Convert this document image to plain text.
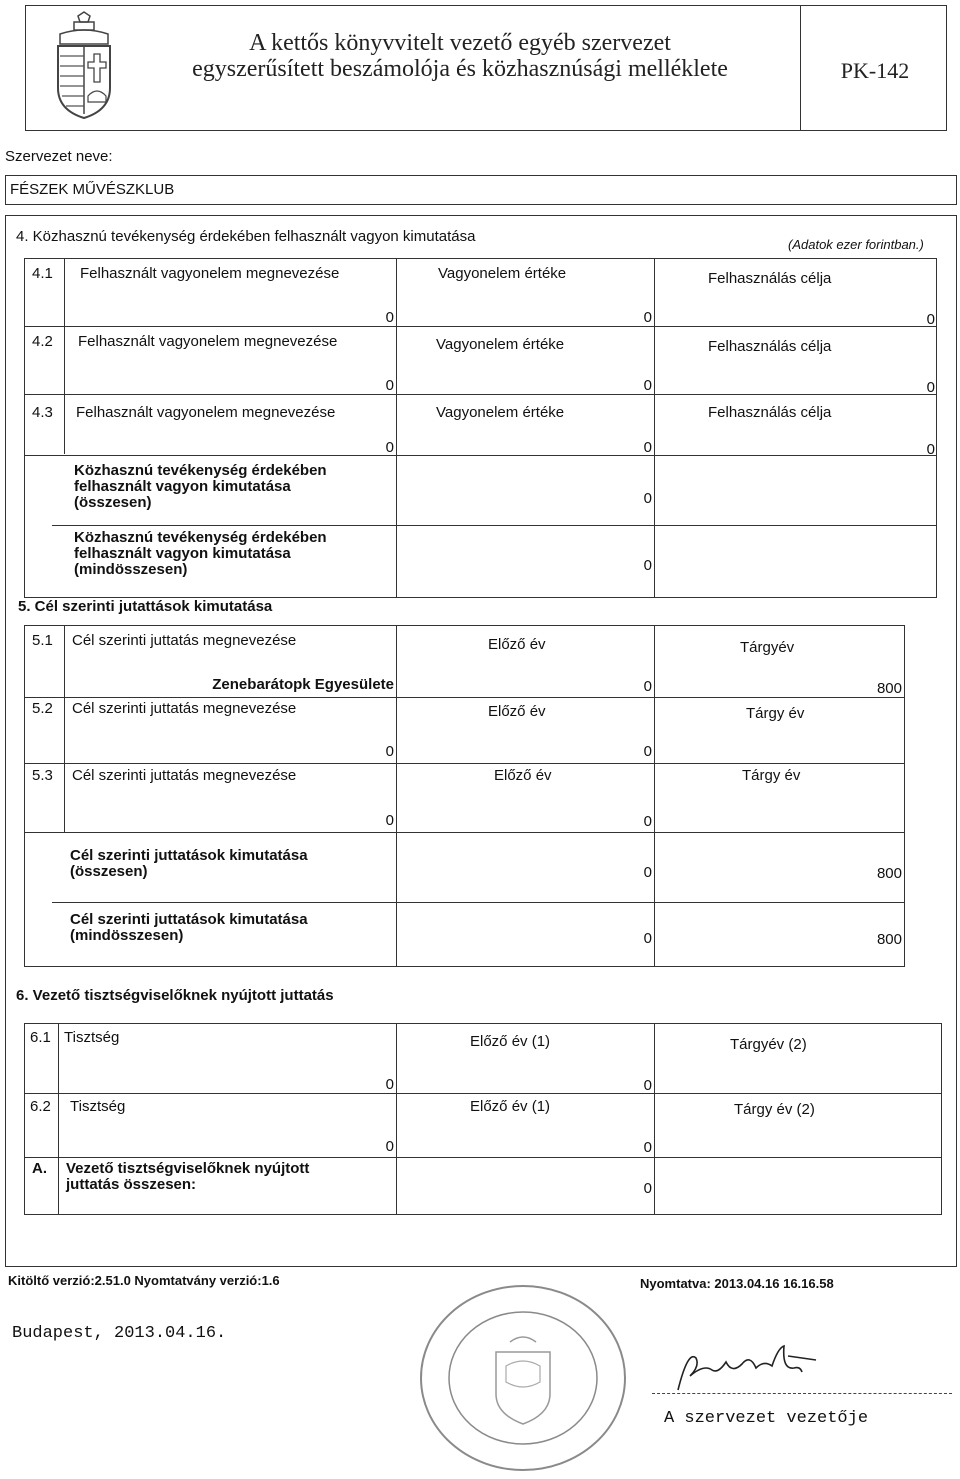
A kettős könyvvitelt vezető egyéb szervezet
egyszerűsített beszámolója és közhasznúsági melléklete	PK-142
Szervezet neve:
FÉSZEK MŰVÉSZKLUB
4. Közhasznú tevékenység érdekében felhasznált vagyon kimutatása	(Adatok ezer forintban.)
4.1 Felhasznált vagyonelem megnevezése	Vagyonelem értéke	Felhasználás célja
0	0	0
4.2 Felhasznált vagyonelem megnevezése	Vagyonelem értéke	Felhasználás célja
0	0	0
4.3 Felhasznált vagyonelem megnevezése	Vagyonelem értéke	Felhasználás célja
0	0	0
Közhasznú tevékenység érdekében
felhasznált vagyon kimutatása
(összesen)	0
Közhasznú tevékenység érdekében
felhasznált vagyon kimutatása
(mindösszesen)	0
5. Cél szerinti jutattások kimutatása
5.1 Cél szerinti juttatás megnevezése	Előző év	Tárgyév
Zenebarátopk Egyesülete	0	800
5.2 Cél szerinti juttatás megnevezése	Előző év	Tárgy év
0	0
5.3 Cél szerinti juttatás megnevezése	Előző év	Tárgy év
0	0
Cél szerinti juttatások kimutatása
(összesen)	0	800
Cél szerinti juttatások kimutatása
(mindösszesen)	0	800
6. Vezető tisztségviselőknek nyújtott juttatás
6.1 Tisztség	Előző év (1)	Tárgyév (2)
0	0
6.2 Tisztség	Előző év (1)	Tárgy év (2)
0	0
A. Vezető tisztségviselőknek nyújtott
juttatás összesen:	0
Kitöltő verzió:2.51.0 Nyomtatvány verzió:1.6	Nyomtatva: 2013.04.16 16.16.58
Budapest, 2013.04.16.
A szervezet vezetője
